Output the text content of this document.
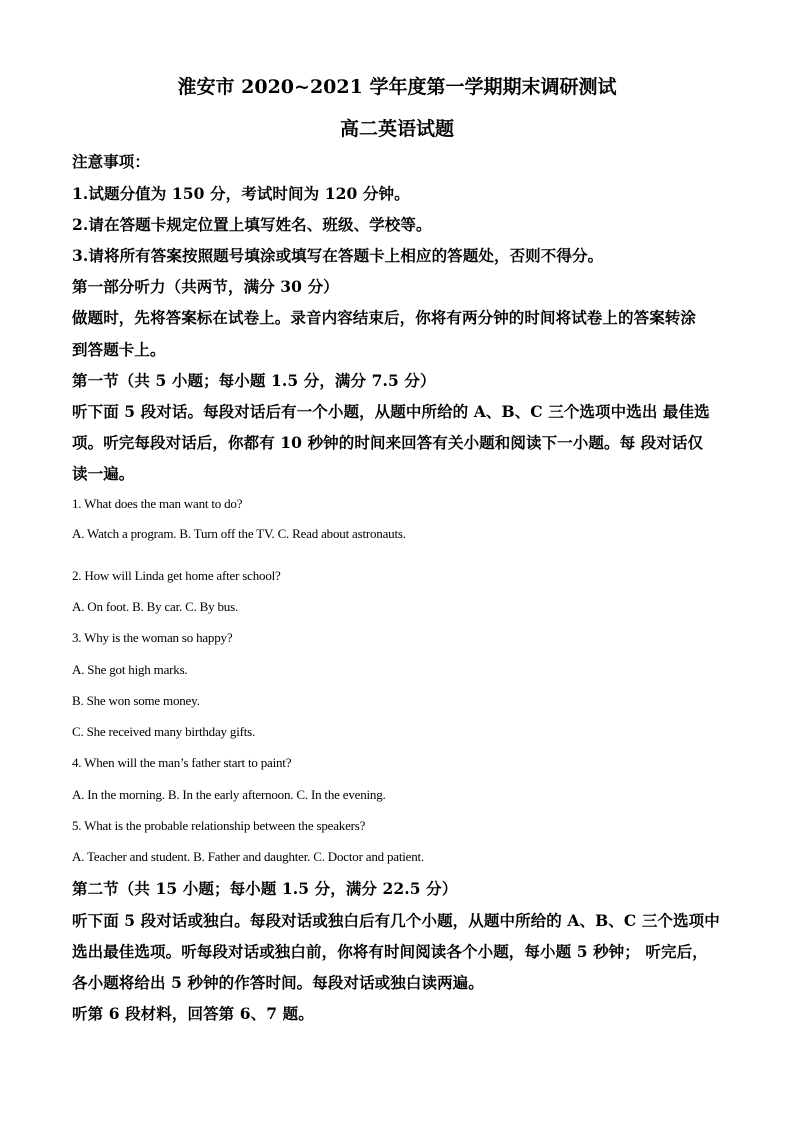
淮安市 2020~2021 学年度第一学期期末调研测试
高二英语试题
注意事项：
1.试题分值为 150 分，考试时间为 120 分钟。
2.请在答题卡规定位置上填写姓名、班级、学校等。
3.请将所有答案按照题号填涂或填写在答题卡上相应的答题处，否则不得分。
第一部分听力（共两节，满分 30 分）
做题时，先将答案标在试卷上。录音内容结束后，你将有两分钟的时间将试卷上的答案转涂
到答题卡上。
第一节（共 5 小题；每小题 1.5 分，满分 7.5 分）
听下面 5 段对话。每段对话后有一个小题，从题中所给的 A、B、C 三个选项中选出 最佳选
项。听完每段对话后，你都有 10 秒钟的时间来回答有关小题和阅读下一小题。每 段对话仅
读一遍。
1. What does the man want to do?
A. Watch a program. B. Turn off the TV. C. Read about astronauts.
2. How will Linda get home after school?
A. On foot. B. By car. C. By bus.
3. Why is the woman so happy?
A. She got high marks.
B. She won some money.
C. She received many birthday gifts.
4. When will the man’s father start to paint?
A. In the morning. B. In the early afternoon. C. In the evening.
5. What is the probable relationship between the speakers?
A. Teacher and student. B. Father and daughter. C. Doctor and patient.
第二节（共 15 小题；每小题 1.5 分，满分 22.5 分）
听下面 5 段对话或独白。每段对话或独白后有几个小题，从题中所给的 A、B、C 三个选项中
选出最佳选项。听每段对话或独白前，你将有时间阅读各个小题，每小题 5 秒钟； 听完后，
各小题将给出 5 秒钟的作答时间。每段对话或独白读两遍。
听第 6 段材料，回答第 6、7 题。
